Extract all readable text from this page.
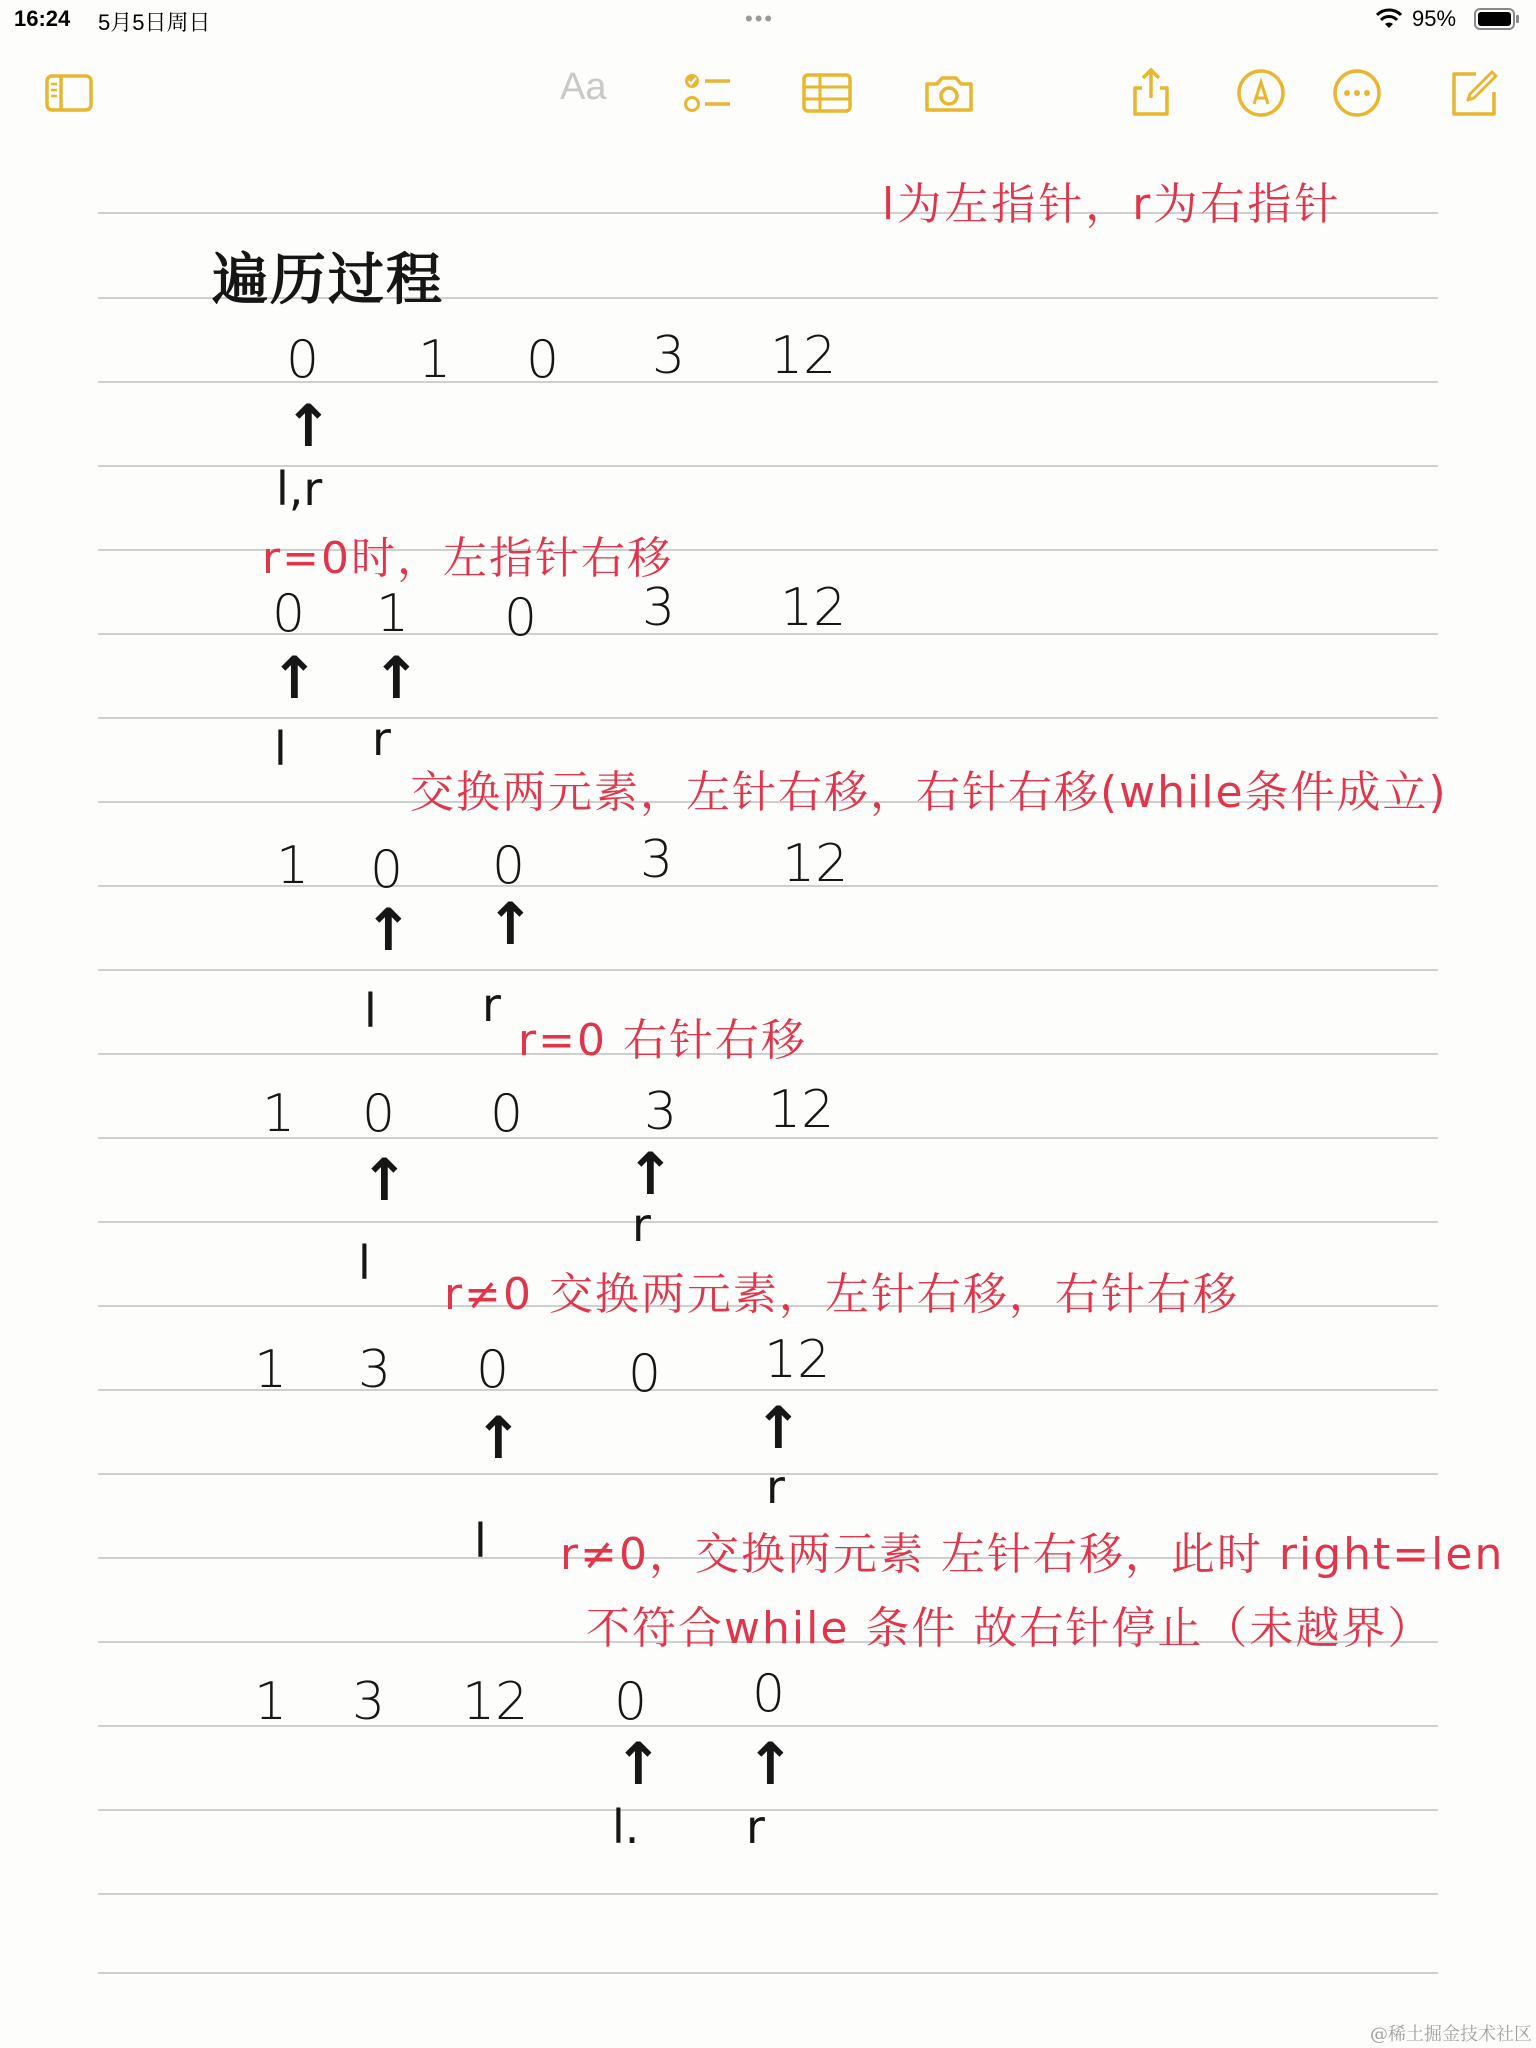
16:24 5月5日周日	•••	95%
Aa
l为左指针，r为右指针
遍历过程
0 1 0 3 12
↑
l,r
r=0时，左指针右移
0 1 0 3 12
↑ ↑
l r
交换两元素，左针右移，右针右移(while条件成立)
1 0 0 3 12
↑ ↑
l r
r=0 右针右移
1 0 0 3 12
↑	↑
l
r
r≠0 交换两元素，左针右移，右针右移
1 3 0 0 12
↑	↑
l
r
r≠0，交换两元素 左针右移，此时 right=len
不符合while 条件 故右针停止（未越界）
1 3 12 0 0
↑ ↑
l. r
@稀土掘金技术社区
